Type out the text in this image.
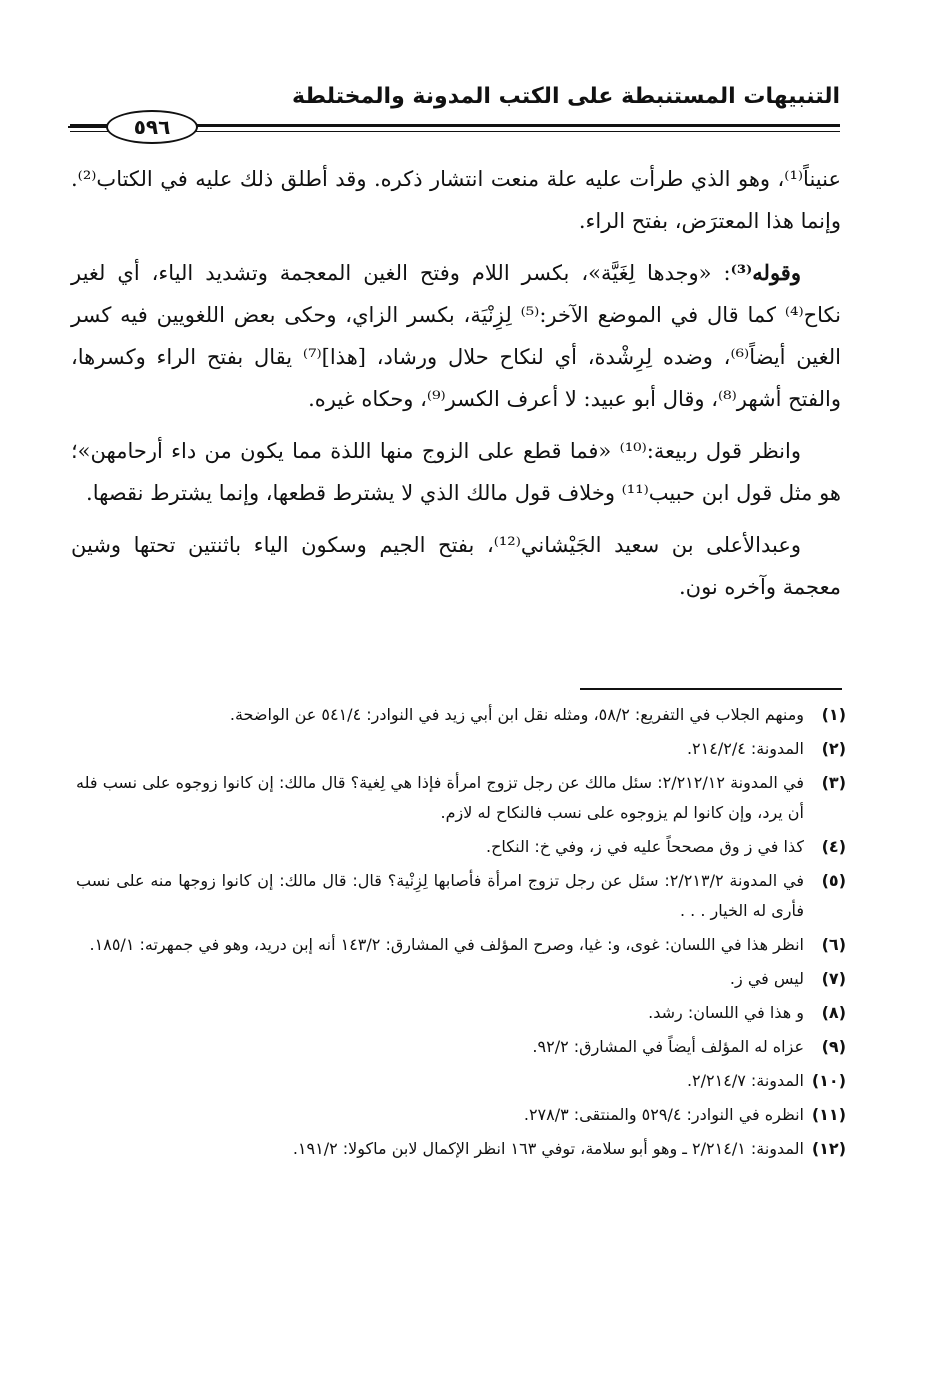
التنبيهات المستنبطة على الكتب المدونة والمختلطة
٥٩٦

عنيناً⁽¹⁾، وهو الذي طرأت عليه علة منعت انتشار ذكره. وقد أطلق ذلك عليه في الكتاب⁽²⁾. وإنما هذا المعترَض، بفتح الراء.

وقوله⁽³⁾: «وجدها لِغَيَّة»، بكسر اللام وفتح الغين المعجمة وتشديد الياء، أي لغير نكاح⁽⁴⁾ كما قال في الموضع الآخر:⁽⁵⁾ لِزِنْيَة، بكسر الزاي، وحكى بعض اللغويين فيه كسر الغين أيضاً⁽⁶⁾، وضده لِرِشْدة، أي لنكاح حلال ورشاد، [هذا]⁽⁷⁾ يقال بفتح الراء وكسرها، والفتح أشهر⁽⁸⁾، وقال أبو عبيد: لا أعرف الكسر⁽⁹⁾، وحكاه غيره.

وانظر قول ربيعة:⁽¹⁰⁾ «فما قطع على الزوج منها اللذة مما يكون من داء أرحامهن»؛ هو مثل قول ابن حبيب⁽¹¹⁾ وخلاف قول مالك الذي لا يشترط قطعها، وإنما يشترط نقصها.

وعبدالأعلى بن سعيد الجَيْشاني⁽¹²⁾، بفتح الجيم وسكون الياء باثنتين تحتها وشين معجمة وآخره نون.

(١)
ومنهم الجلاب في التفريع: ٥٨/٢، ومثله نقل ابن أبي زيد في النوادر: ٥٤١/٤ عن الواضحة.
(٢)
المدونة: ٢١٤/٢/٤.
(٣)
في المدونة ٢/٢١٢/١٢: سئل مالك عن رجل تزوج امرأة فإذا هي لِغية؟ قال مالك: إن كانوا زوجوه على نسب فله أن يرد، وإن كانوا لم يزوجوه على نسب فالنكاح له لازم.
(٤)
كذا في ز وق مصححاً عليه في ز، وفي خ: النكاح.
(٥)
في المدونة ٢/٢١٣/٢: سئل عن رجل تزوج امرأة فأصابها لِزِنْية؟ قال: قال مالك: إن كانوا زوجها منه على نسب فأرى له الخيار . . .
(٦)
انظر هذا في اللسان: غوى، و: غيا، وصرح المؤلف في المشارق: ١٤٣/٢ أنه إبن دريد، وهو في جمهرته: ١٨٥/١.
(٧)
ليس في ز.
(٨)
و هذا في اللسان: رشد.
(٩)
عزاه له المؤلف أيضاً في المشارق: ٩٢/٢.
(١٠)
المدونة: ٢/٢١٤/٧.
(١١)
انظره في النوادر: ٥٢٩/٤ والمنتقى: ٢٧٨/٣.
(١٢)
المدونة: ٢/٢١٤/١ ـ وهو أبو سلامة، توفي ١٦٣ انظر الإكمال لابن ماكولا: ١٩١/٢.
